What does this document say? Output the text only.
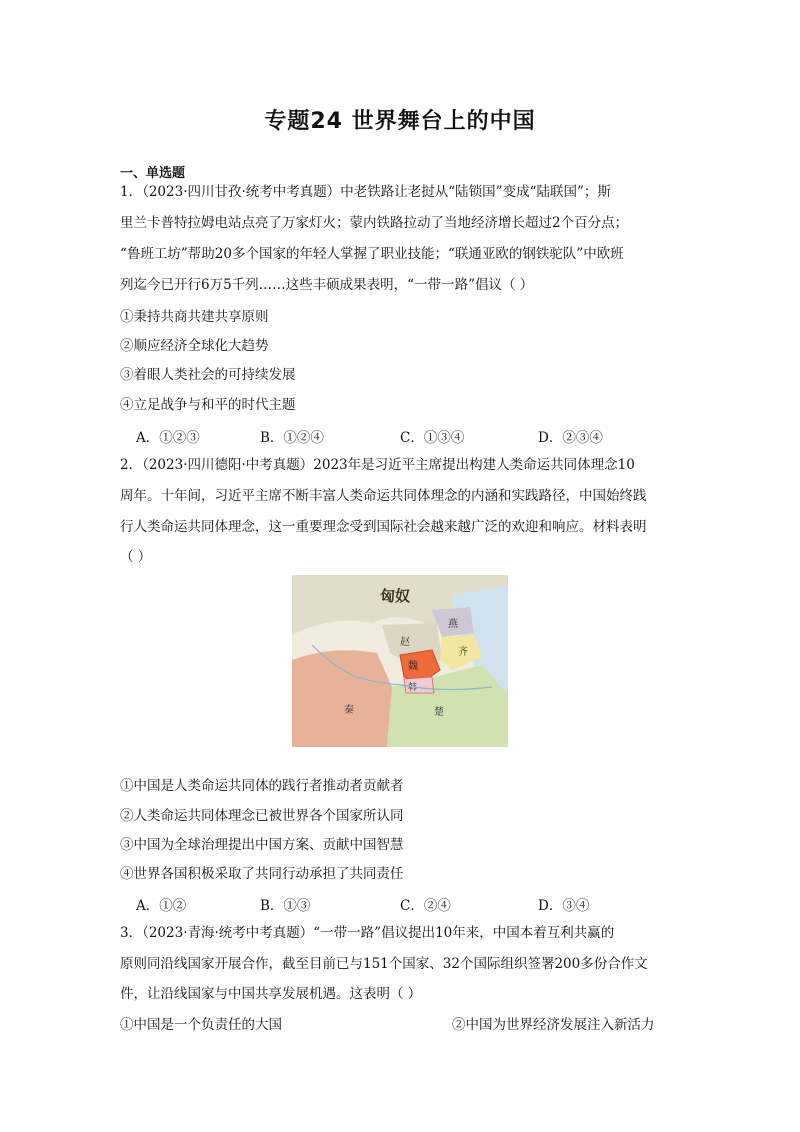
专题24 世界舞台上的中国
一、单选题
1．（2023·四川甘孜·统考中考真题）中老铁路让老挝从“陆锁国”变成“陆联国”；斯
里兰卡普特拉姆电站点亮了万家灯火；蒙内铁路拉动了当地经济增长超过2个百分点；
“鲁班工坊”帮助20多个国家的年轻人掌握了职业技能；“联通亚欧的钢铁驼队”中欧班
列迄今已开行6万5千列……这些丰硕成果表明，“一带一路”倡议（ ）
①秉持共商共建共享原则
②顺应经济全球化大趋势
③着眼人类社会的可持续发展
④立足战争与和平的时代主题
A．①②③	B．①②④	C．①③④	D．②③④
2．（2023·四川德阳·中考真题）2023年是习近平主席提出构建人类命运共同体理念10
周年。十年间，习近平主席不断丰富人类命运共同体理念的内涵和实践路径，中国始终践
行人类命运共同体理念，这一重要理念受到国际社会越来越广泛的欢迎和响应。材料表明
（ ）
匈奴
赵
燕
齐
魏
韩
秦	楚
①中国是人类命运共同体的践行者推动者贡献者
②人类命运共同体理念已被世界各个国家所认同
③中国为全球治理提出中国方案、贡献中国智慧
④世界各国积极采取了共同行动承担了共同责任
A．①②	B．①③	C．②④	D．③④
3．（2023·青海·统考中考真题）“一带一路”倡议提出10年来，中国本着互利共赢的
原则同沿线国家开展合作，截至目前已与151个国家、32个国际组织签署200多份合作文
件，让沿线国家与中国共享发展机遇。这表明（ ）
①中国是一个负责任的大国	②中国为世界经济发展注入新活力
